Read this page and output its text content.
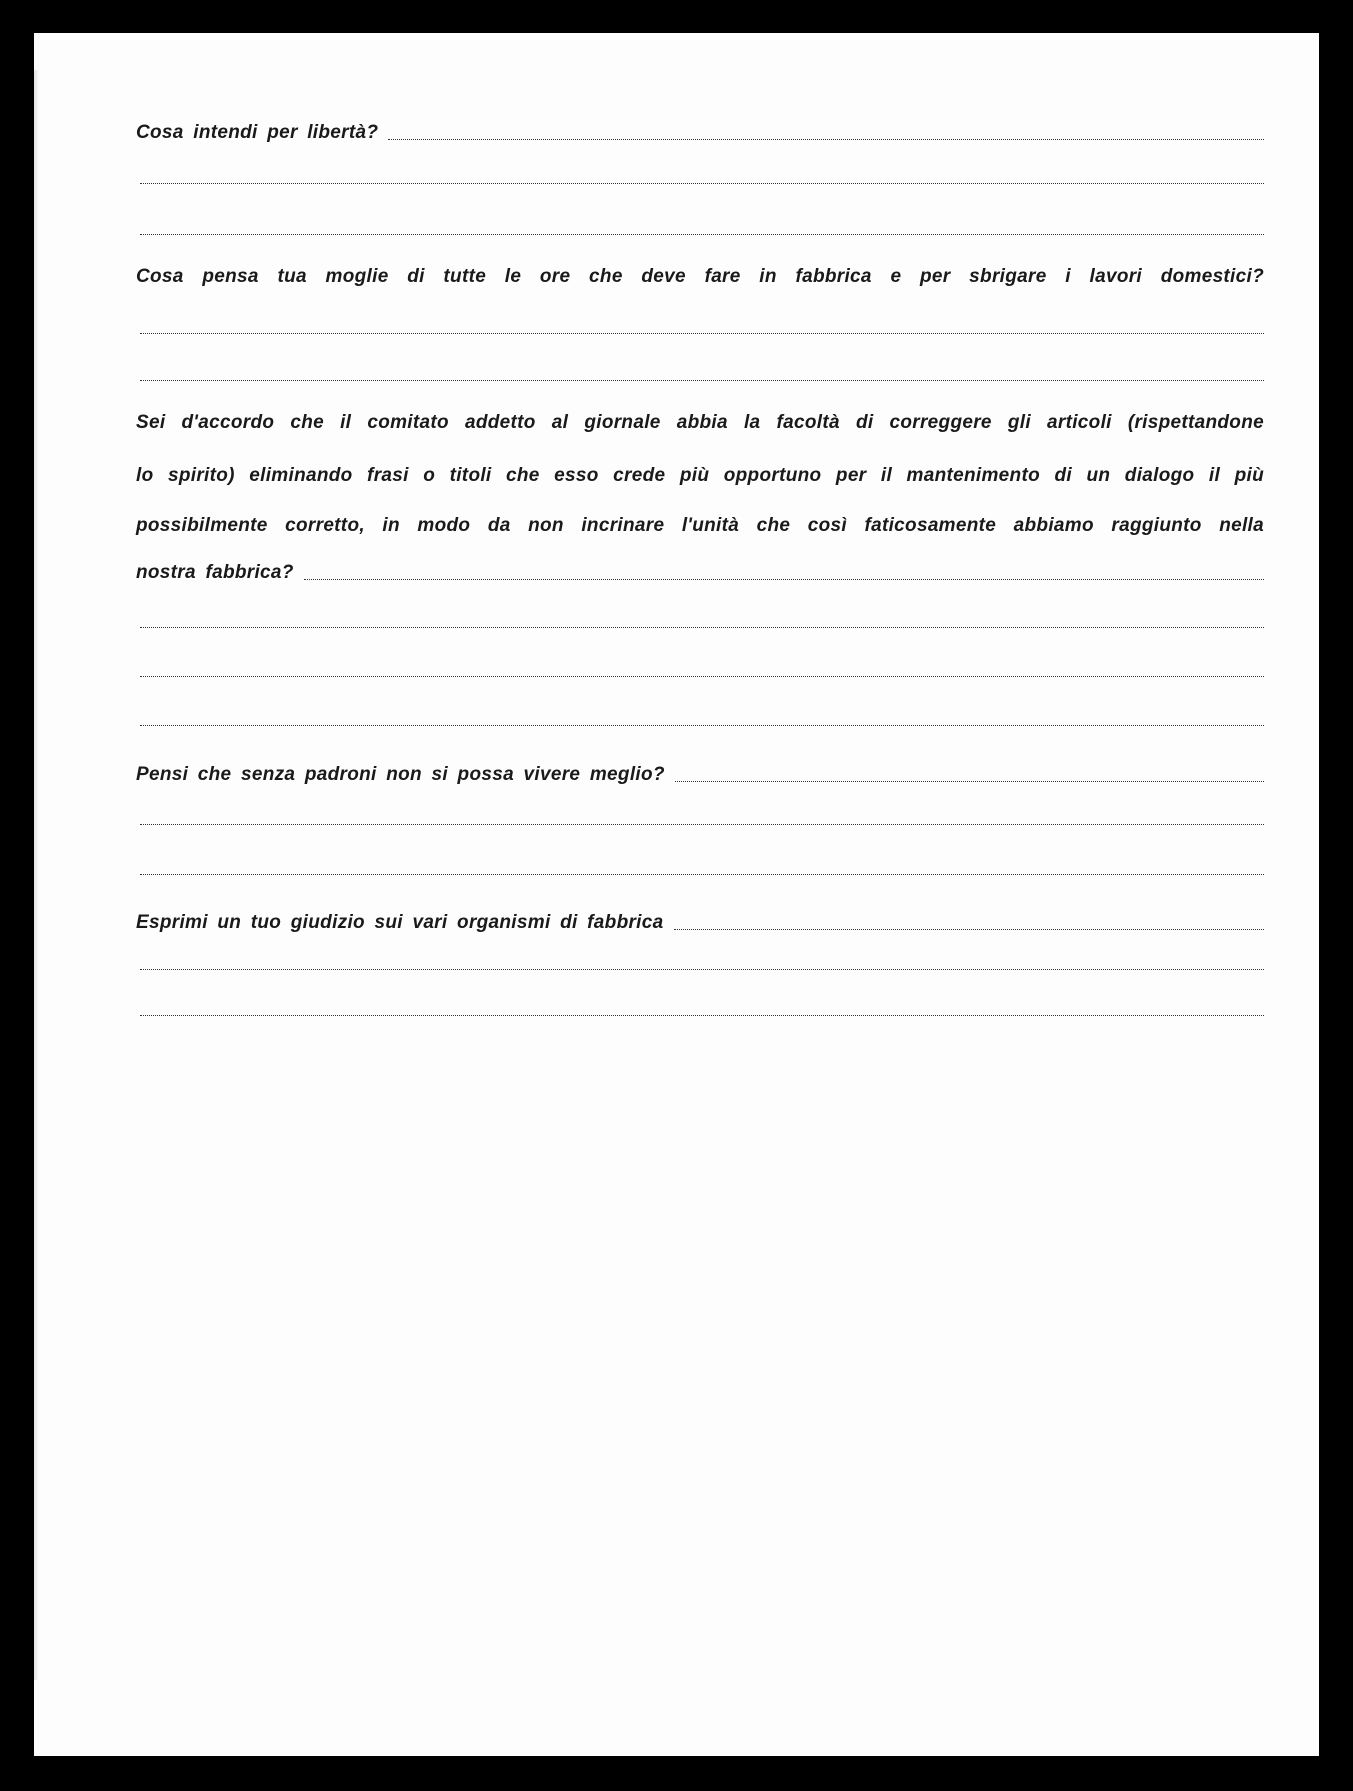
Cosa intendi per libertà?
Cosa pensa tua moglie di tutte le ore che deve fare in fabbrica e per sbrigare i lavori domestici?
Sei d'accordo che il comitato addetto al giornale abbia la facoltà di correggere gli articoli (rispettandone
lo spirito) eliminando frasi o titoli che esso crede più opportuno per il mantenimento di un dialogo il più
possibilmente corretto, in modo da non incrinare l'unità che così faticosamente abbiamo raggiunto nella
nostra fabbrica?
Pensi che senza padroni non si possa vivere meglio?
Esprimi un tuo giudizio sui vari organismi di fabbrica
